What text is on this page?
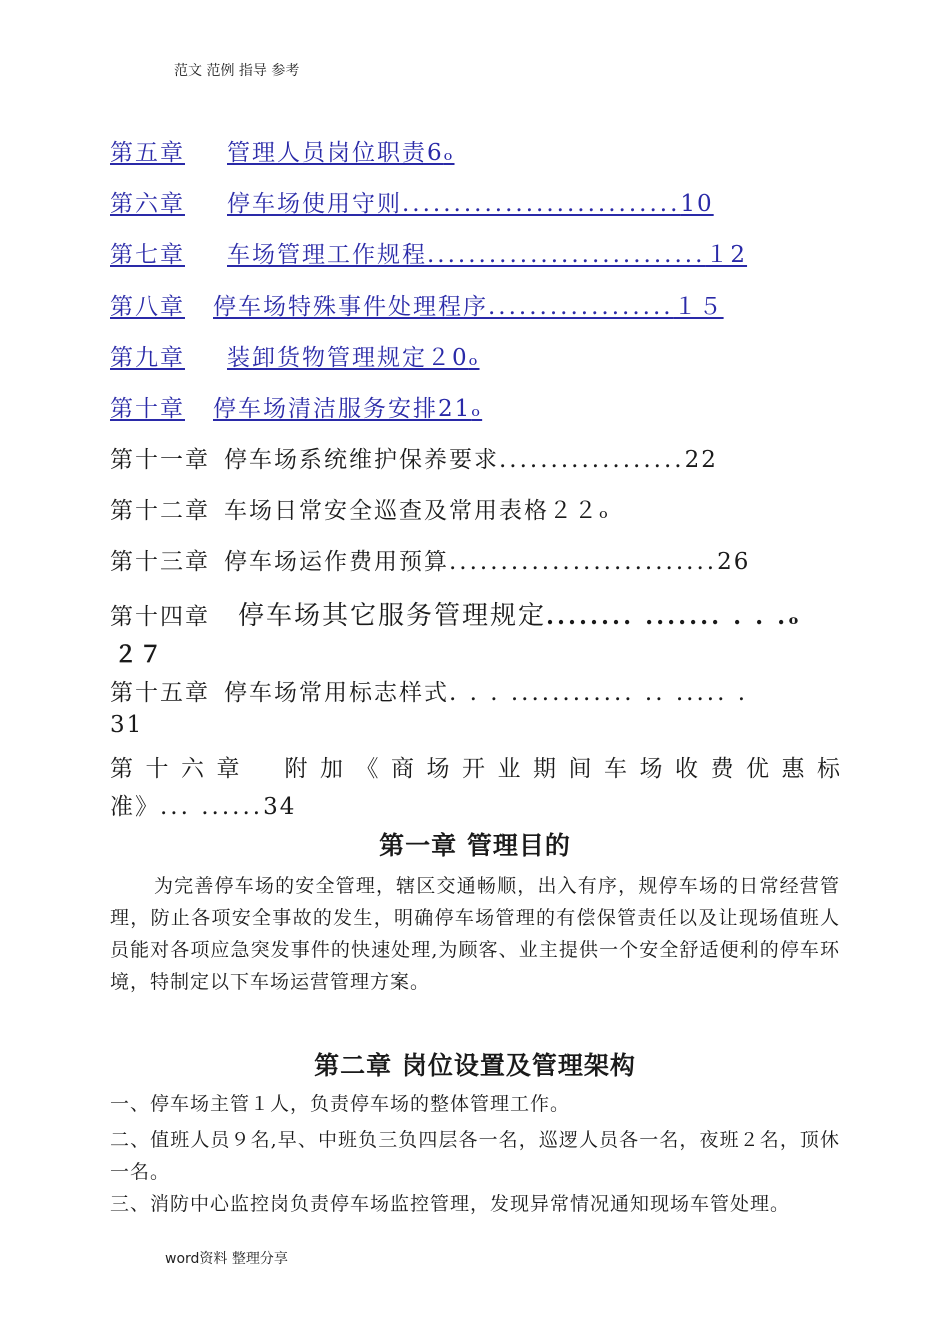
范文 范例 指导 参考
第五章 管理人员岗位职责6ₒ
第六章 停车场使用守则...........................10
第七章 车场管理工作规程...........................１2
第八章 停车场特殊事件处理程序..................１５
第九章 装卸货物管理规定２0ₒ
第十章 停车场清洁服务安排21ₒ
第十一章 停车场系统维护保养要求..................22
第十二章 车场日常安全巡查及常用表格２２ₒ
第十三章 停车场运作费用预算..........................26
第十四章 停车场其它服务管理规定........ ....... . . .ₒ
２７
第十五章 停车场常用标志样式. . . ............ .. ..... .
31
第 十 六 章 附 加 《 商 场 开 业 期 间 车 场 收 费 优 惠 标
准》... ......34
第一章 管理目的

为完善停车场的安全管理，辖区交通畅顺，出入有序，规停车场的日常经营管理，防止各项安全事故的发生，明确停车场管理的有偿保管责任以及让现场值班人员能对各项应急突发事件的快速处理,为顾客、业主提供一个安全舒适便利的停车环境，特制定以下车场运营管理方案。

第二章 岗位设置及管理架构

一、停车场主管１人，负责停车场的整体管理工作。

二、值班人员９名,早、中班负三负四层各一名，巡逻人员各一名，夜班２名，顶休一名。

三、消防中心监控岗负责停车场监控管理，发现异常情况通知现场车管处理。

word资料 整理分享
